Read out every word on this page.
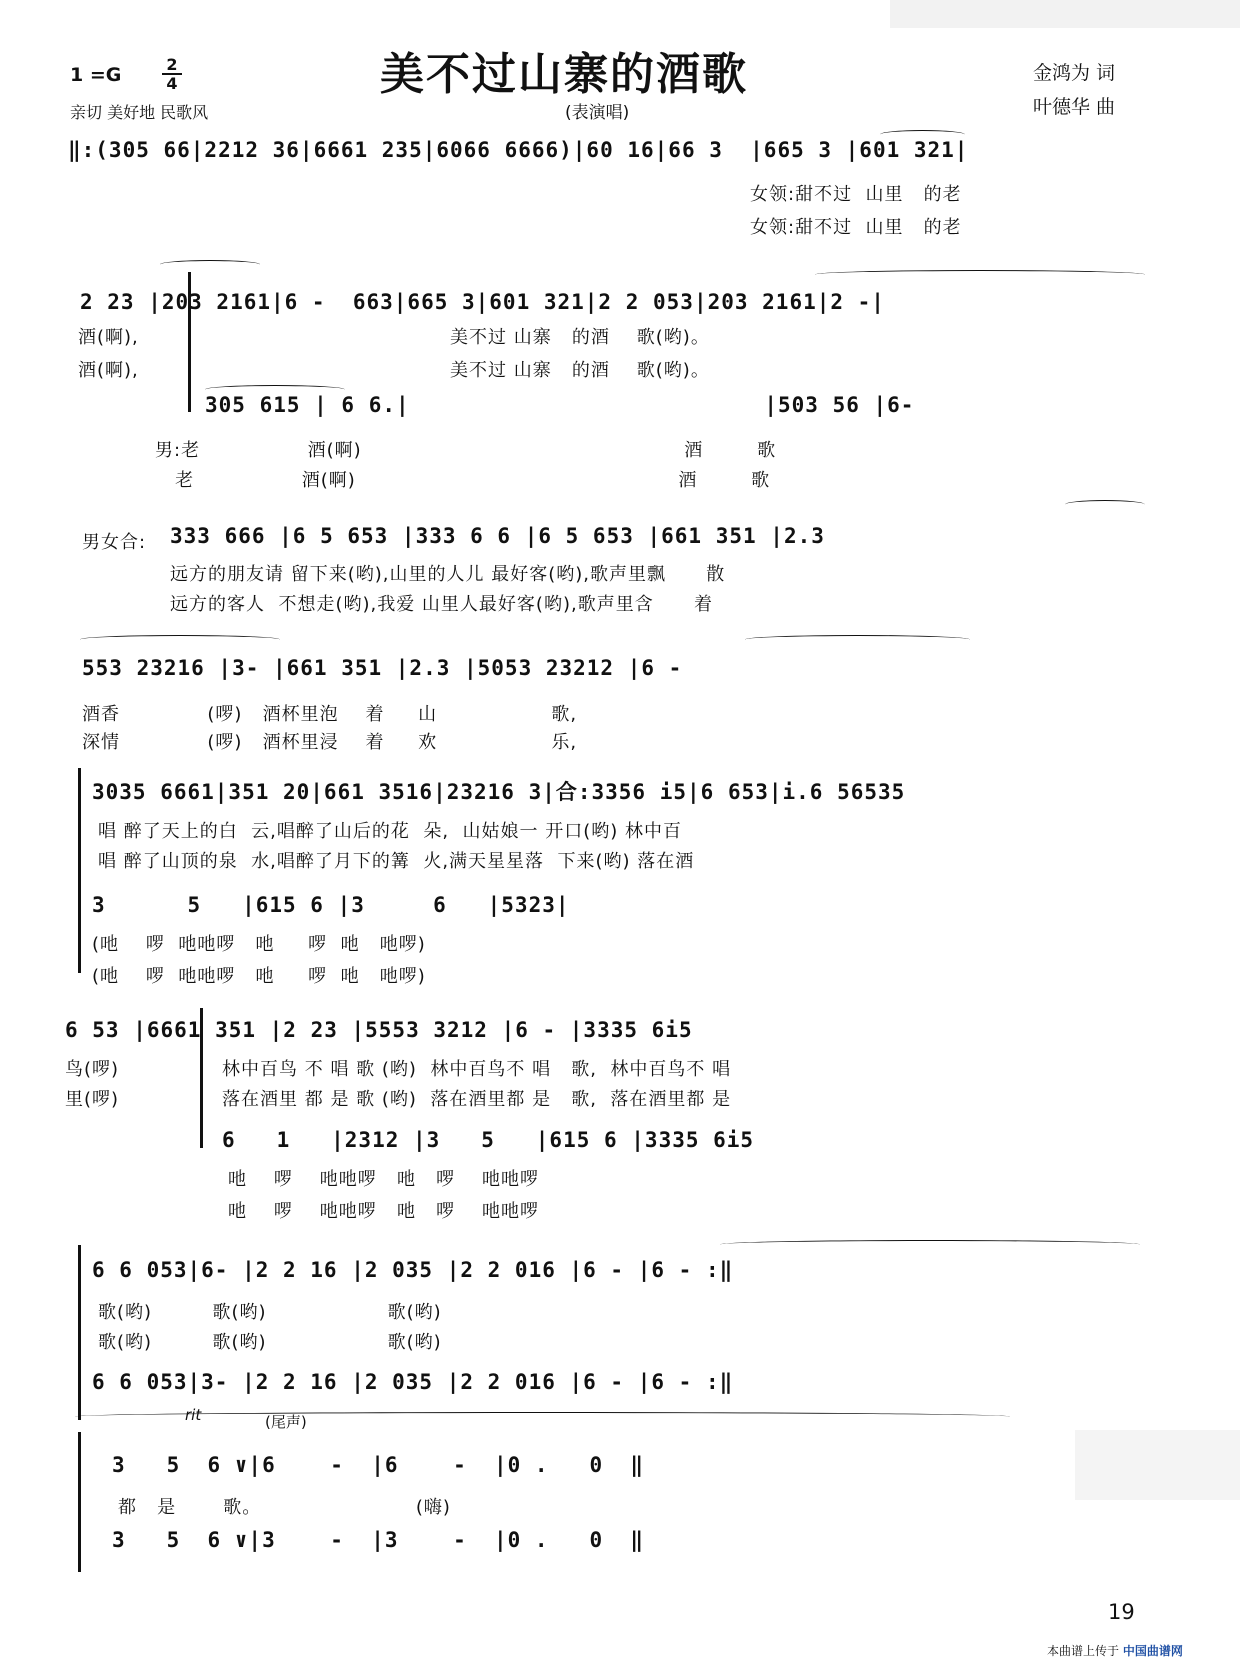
1 =G	2
4	美不过山寨的酒歌
(表演唱)
亲切 美好地 民歌风
金鸿为 词
叶德华 曲
‖:(305 66|2212 36|6661 235|6066 6666)|60 16|66 3  |665 3 |601 321|
女领:甜不过  山里   的老
女领:甜不过  山里   的老
2 23 |203 2161|6 -  663|665 3|601 321|2 2 053|203 2161|2 -|
酒(啊),
酒(啊),
美不过 山寨   的酒    歌(哟)。
美不过 山寨   的酒    歌(哟)。
305 615 | 6 6.|                          |503 56 |6-
男:老                酒(啊)                                                酒        歌
老                酒(啊)                                                酒        歌
男女合: 333 666 |6 5 653 |333 6 6 |6 5 653 |661 351 |2.3
远方的朋友请 留下来(哟),山里的人儿 最好客(哟),歌声里飘      散
远方的客人  不想走(哟),我爱 山里人最好客(哟),歌声里含      着
553 23216 |3- |661 351 |2.3 |5053 23212 |6 -
酒香             (啰)   酒杯里泡    着     山                 歌,
深情             (啰)   酒杯里浸    着     欢                 乐,
3035 6661|351 20|661 3516|23216 3|合:3356 i5|6 653|i.6 56535
唱 醉了天上的白  云,唱醉了山后的花  朵,  山姑娘一 开口(哟) 林中百
唱 醉了山顶的泉  水,唱醉了月下的篝  火,满天星星落  下来(哟) 落在酒
3      5   |615 6 |3     6   |5323|
(吔    啰  吔吔啰   吔     啰  吔   吔啰)
(吔    啰  吔吔啰   吔     啰  吔   吔啰)
6 53 |6661 351 |2 23 |5553 3212 |6 - |3335 6i5
鸟(啰)
里(啰)
林中百鸟 不 唱 歌 (哟)  林中百鸟不 唱   歌,  林中百鸟不 唱
落在酒里 都 是 歌 (哟)  落在酒里都 是   歌,  落在酒里都 是
6   1   |2312 |3   5   |615 6 |3335 6i5
吔    啰    吔吔啰   吔   啰    吔吔啰
吔    啰    吔吔啰   吔   啰    吔吔啰
6 6 053|6- |2 2 16 |2 035 |2 2 016 |6 - |6 - :‖
歌(哟)         歌(哟)                  歌(哟)
歌(哟)         歌(哟)                  歌(哟)
6 6 053|3- |2 2 16 |2 035 |2 2 016 |6 - |6 - :‖
(尾声)
rit
3   5  6 ∨|6    -  |6    -  |0 .   0  ‖
都   是       歌。                       (嗨)
3   5  6 ∨|3    -  |3    -  |0 .   0  ‖
19
本曲谱上传于 中国曲谱网
